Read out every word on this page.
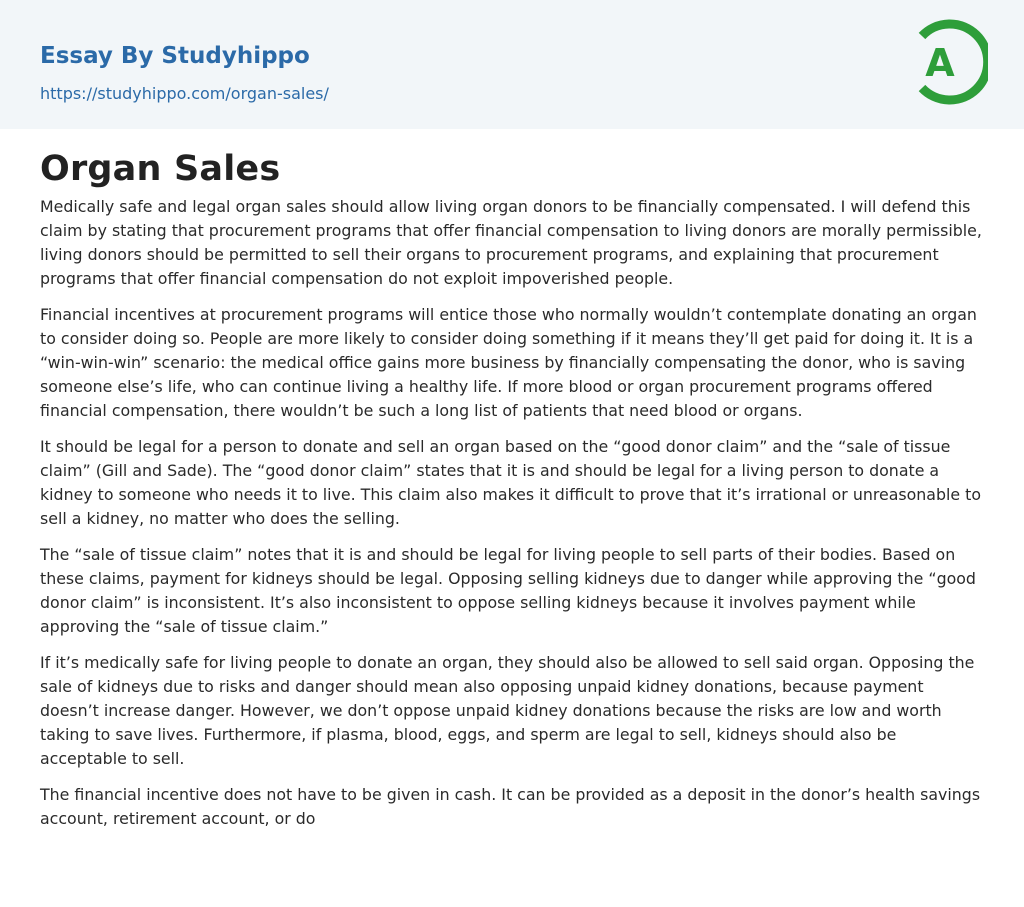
Essay By Studyhippo
https://studyhippo.com/organ-sales/
A
Organ Sales

Medically safe and legal organ sales should allow living organ donors to be financially compensated. I will defend this claim by stating that procurement programs that offer financial compensation to living donors are morally permissible, living donors should be permitted to sell their organs to procurement programs, and explaining that procurement programs that offer financial compensation do not exploit impoverished people.

Financial incentives at procurement programs will entice those who normally wouldn’t contemplate donating an organ to consider doing so. People are more likely to consider doing something if it means they’ll get paid for doing it. It is a “win-win-win” scenario: the medical office gains more business by financially compensating the donor, who is saving someone else’s life, who can continue living a healthy life. If more blood or organ procurement programs offered financial compensation, there wouldn’t be such a long list of patients that need blood or organs.

It should be legal for a person to donate and sell an organ based on the “good donor claim” and the “sale of tissue claim” (Gill and Sade). The “good donor claim” states that it is and should be legal for a living person to donate a kidney to someone who needs it to live. This claim also makes it difficult to prove that it’s irrational or unreasonable to sell a kidney, no matter who does the selling.

The “sale of tissue claim” notes that it is and should be legal for living people to sell parts of their bodies. Based on these claims, payment for kidneys should be legal. Opposing selling kidneys due to danger while approving the “good donor claim” is inconsistent. It’s also inconsistent to oppose selling kidneys because it involves payment while approving the “sale of tissue claim.”

If it’s medically safe for living people to donate an organ, they should also be allowed to sell said organ. Opposing the sale of kidneys due to risks and danger should mean also opposing unpaid kidney donations, because payment doesn’t increase danger. However, we don’t oppose unpaid kidney donations because the risks are low and worth taking to save lives. Furthermore, if plasma, blood, eggs, and sperm are legal to sell, kidneys should also be acceptable to sell.

The financial incentive does not have to be given in cash. It can be provided as a deposit in the donor’s health savings account, retirement account, or do
